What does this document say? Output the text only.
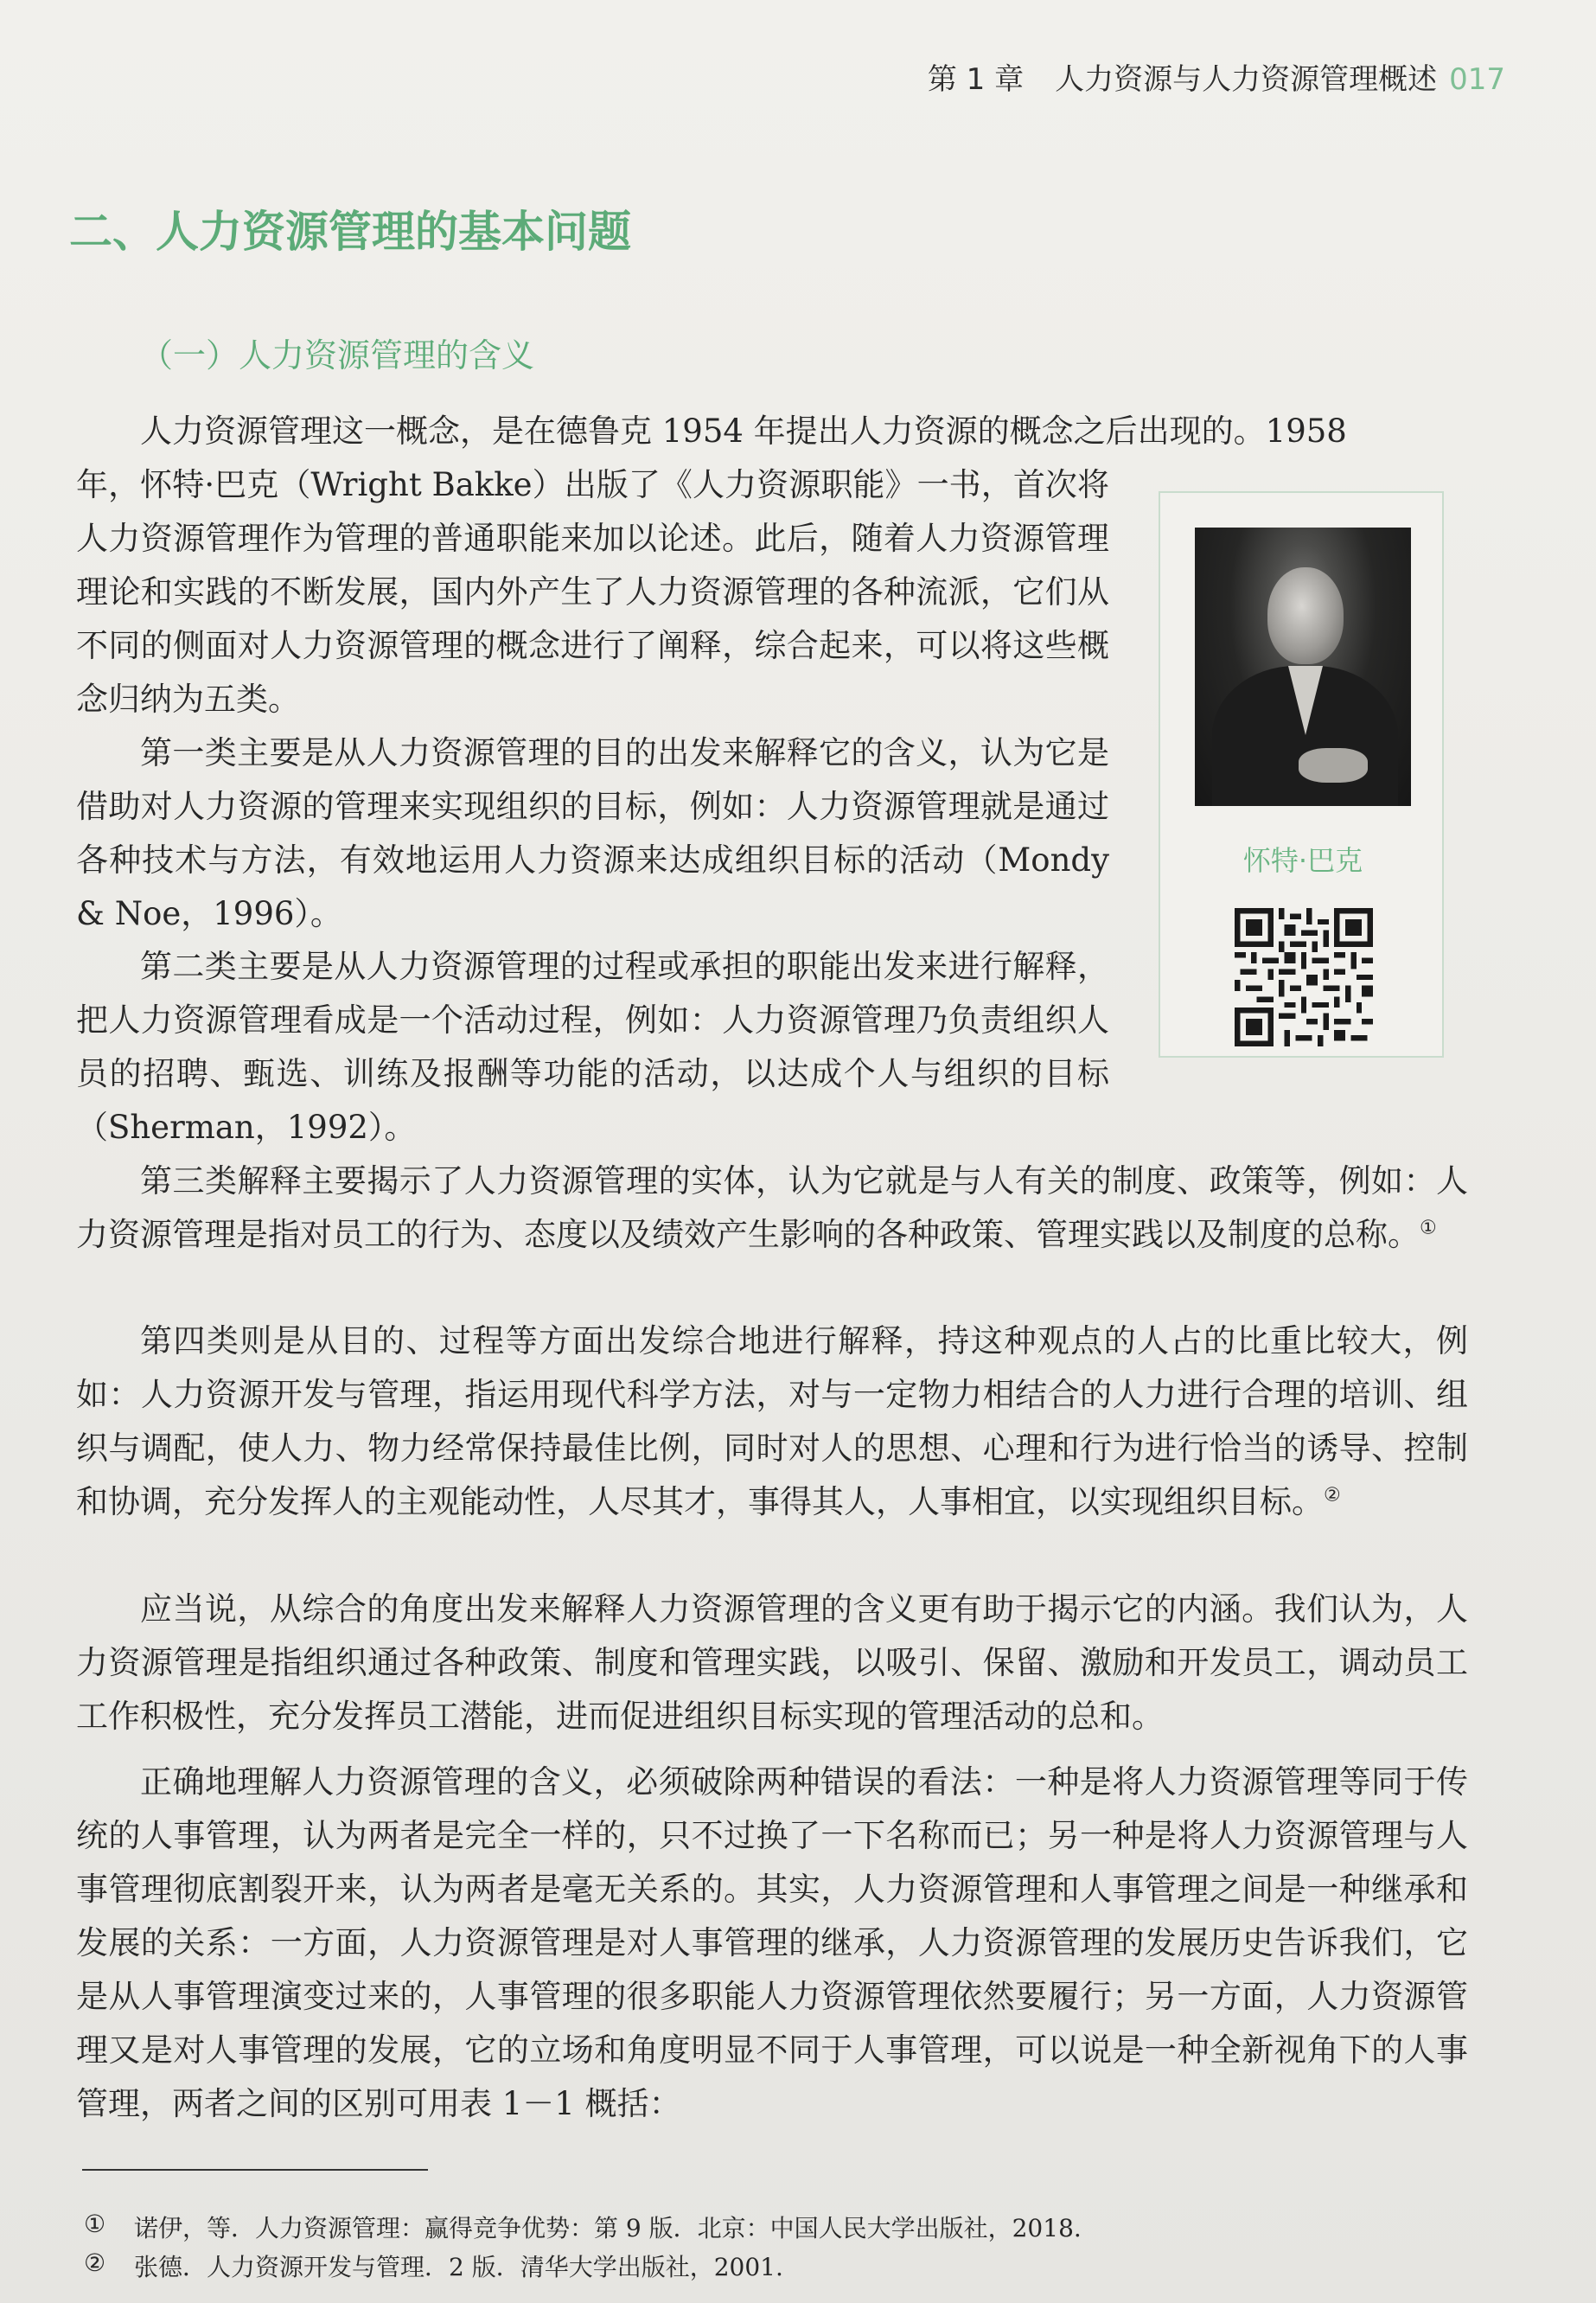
第 1 章 人力资源与人力资源管理概述 017
二、人力资源管理的基本问题
（一）人力资源管理的含义

人力资源管理这一概念，是在德鲁克 1954 年提出人力资源的概念之后出现的。1958
年，怀特·巴克（Wright Bakke）出版了《人力资源职能》一书，首次将人力资源管理作为管理的普通职能来加以论述。此后，随着人力资源管理理论和实践的不断发展，国内外产生了人力资源管理的各种流派，它们从不同的侧面对人力资源管理的概念进行了阐释，综合起来，可以将这些概念归纳为五类。

第一类主要是从人力资源管理的目的出发来解释它的含义，认为它是借助对人力资源的管理来实现组织的目标，例如：人力资源管理就是通过各种技术与方法，有效地运用人力资源来达成组织目标的活动（Mondy & Noe，1996）。

第二类主要是从人力资源管理的过程或承担的职能出发来进行解释，把人力资源管理看成是一个活动过程，例如：人力资源管理乃负责组织人员的招聘、甄选、训练及报酬等功能的活动，以达成个人与组织的目标（Sherman，1992）。

第三类解释主要揭示了人力资源管理的实体，认为它就是与人有关的制度、政策等，例如：人力资源管理是指对员工的行为、态度以及绩效产生影响的各种政策、管理实践以及制度的总称。①

第四类则是从目的、过程等方面出发综合地进行解释，持这种观点的人占的比重比较大，例如：人力资源开发与管理，指运用现代科学方法，对与一定物力相结合的人力进行合理的培训、组织与调配，使人力、物力经常保持最佳比例，同时对人的思想、心理和行为进行恰当的诱导、控制和协调，充分发挥人的主观能动性，人尽其才，事得其人，人事相宜，以实现组织目标。②

应当说，从综合的角度出发来解释人力资源管理的含义更有助于揭示它的内涵。我们认为，人力资源管理是指组织通过各种政策、制度和管理实践，以吸引、保留、激励和开发员工，调动员工工作积极性，充分发挥员工潜能，进而促进组织目标实现的管理活动的总和。

正确地理解人力资源管理的含义，必须破除两种错误的看法：一种是将人力资源管理等同于传统的人事管理，认为两者是完全一样的，只不过换了一下名称而已；另一种是将人力资源管理与人事管理彻底割裂开来，认为两者是毫无关系的。其实，人力资源管理和人事管理之间是一种继承和发展的关系：一方面，人力资源管理是对人事管理的继承，人力资源管理的发展历史告诉我们，它是从人事管理演变过来的，人事管理的很多职能人力资源管理依然要履行；另一方面，人力资源管理又是对人事管理的发展，它的立场和角度明显不同于人事管理，可以说是一种全新视角下的人事管理，两者之间的区别可用表 1－1 概括：

怀特·巴克
① 诺伊，等．人力资源管理：赢得竞争优势：第 9 版．北京：中国人民大学出版社，2018.
② 张德．人力资源开发与管理．2 版．清华大学出版社，2001.
